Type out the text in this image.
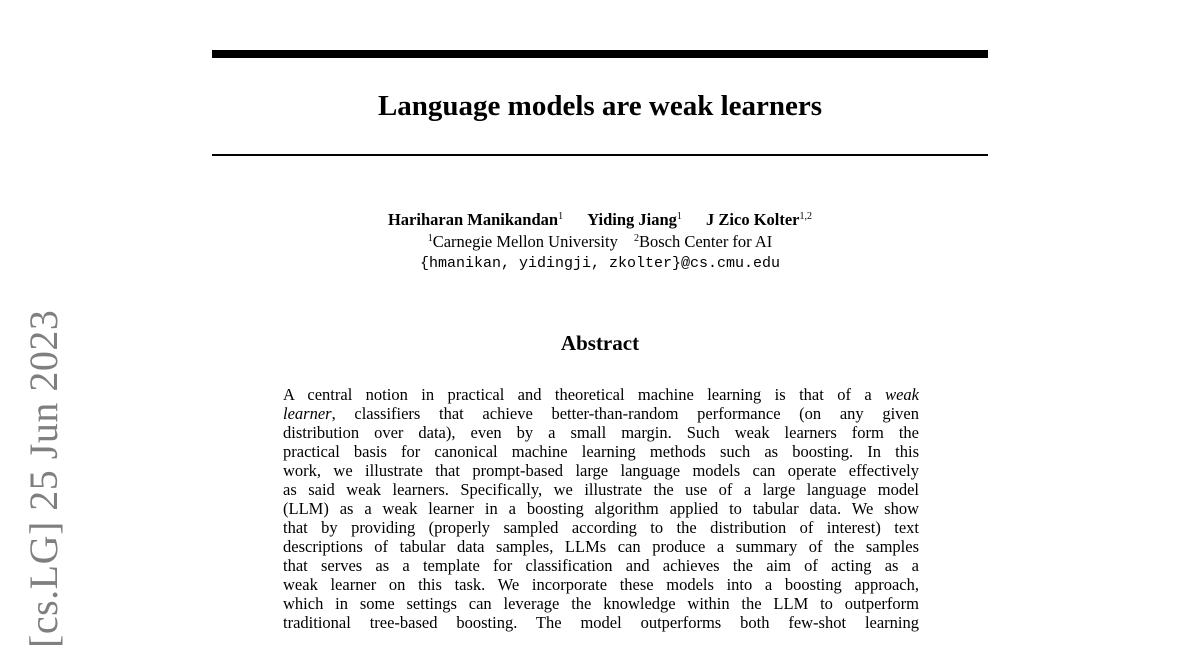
[cs.LG] 25 Jun 2023
Language models are weak learners
Hariharan Manikandan$^1$ Yiding Jiang$^1$ J Zico Kolter$^{1,2}$
$^1$Carnegie Mellon University $^2$Bosch Center for AI
{hmanikan, yidingji, zkolter}@cs.cmu.edu
Abstract
A central notion in practical and theoretical machine learning is that of a weak
learner, classifiers that achieve better-than-random performance (on any given
distribution over data), even by a small margin. Such weak learners form the
practical basis for canonical machine learning methods such as boosting. In this
work, we illustrate that prompt-based large language models can operate effectively
as said weak learners. Specifically, we illustrate the use of a large language model
(LLM) as a weak learner in a boosting algorithm applied to tabular data. We show
that by providing (properly sampled according to the distribution of interest) text
descriptions of tabular data samples, LLMs can produce a summary of the samples
that serves as a template for classification and achieves the aim of acting as a
weak learner on this task. We incorporate these models into a boosting approach,
which in some settings can leverage the knowledge within the LLM to outperform
traditional tree-based boosting. The model outperforms both few-shot learning
